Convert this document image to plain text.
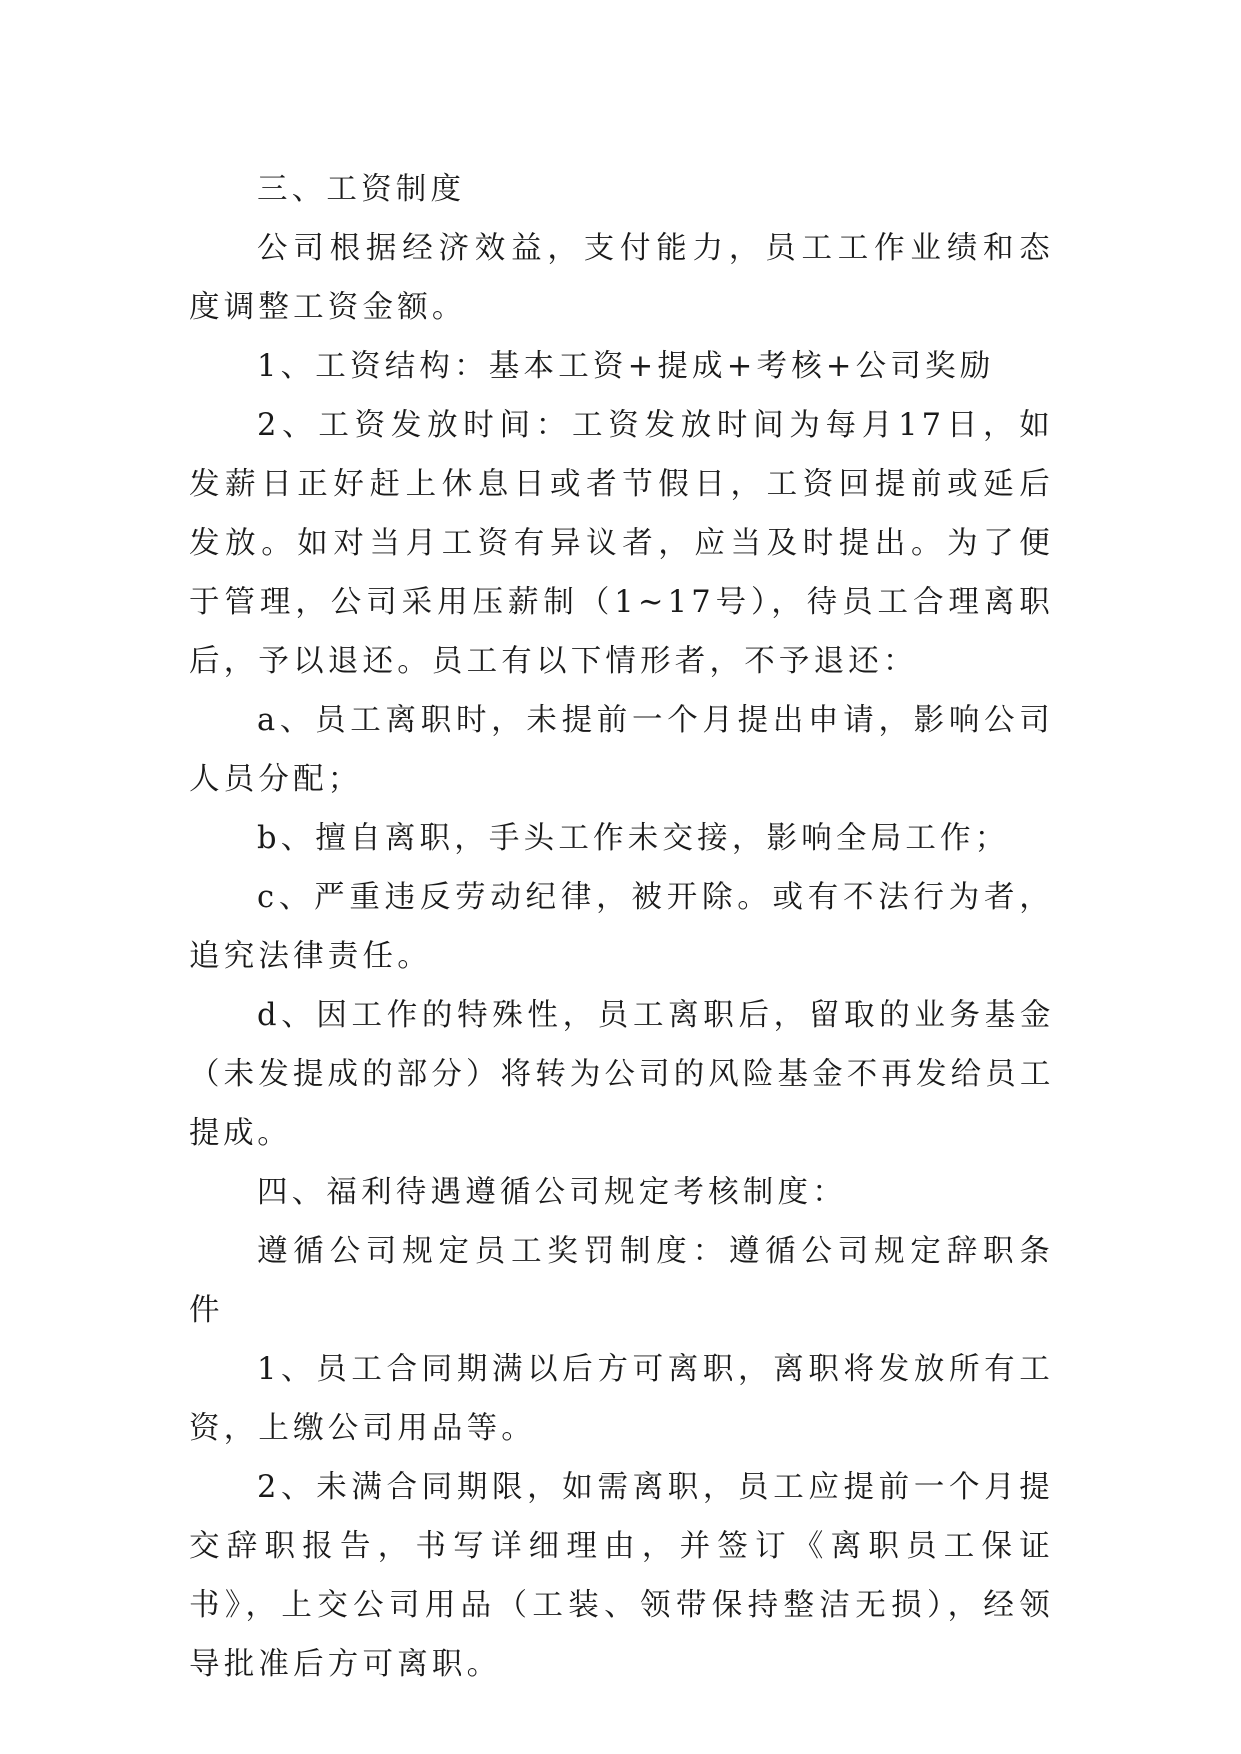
三、工资制度

公司根据经济效益，支付能力，员工工作业绩和态度调整工资金额。

1、工资结构：基本工资+提成+考核+公司奖励

2、工资发放时间：工资发放时间为每月17日，如发薪日正好赶上休息日或者节假日，工资回提前或延后发放。如对当月工资有异议者，应当及时提出。为了便于管理，公司采用压薪制（1~17号），待员工合理离职后，予以退还。员工有以下情形者，不予退还：

a、员工离职时，未提前一个月提出申请，影响公司人员分配；

b、擅自离职，手头工作未交接，影响全局工作；

c、严重违反劳动纪律，被开除。或有不法行为者，追究法律责任。

d、因工作的特殊性，员工离职后，留取的业务基金（未发提成的部分）将转为公司的风险基金不再发给员工提成。

四、福利待遇遵循公司规定考核制度：

遵循公司规定员工奖罚制度：遵循公司规定辞职条件

1、员工合同期满以后方可离职，离职将发放所有工资，上缴公司用品等。

2、未满合同期限，如需离职，员工应提前一个月提交辞职报告，书写详细理由，并签订《离职员工保证书》，上交公司用品（工装、领带保持整洁无损），经领导批准后方可离职。
